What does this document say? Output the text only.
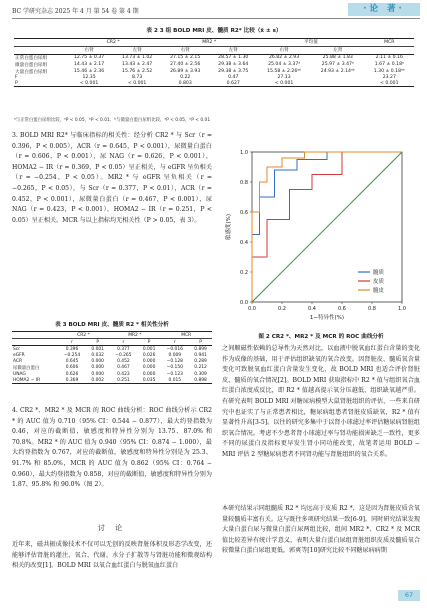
BC 学研究杂志 2025 年 4 月 第 54 卷 第 4 期	·论 著·
表 2 3 组 BOLD MRI 皮、髓质 R2* 比较（x̄ ± s）
	CR2 *		MR2 *		平均值		MCR
	右肾	左肾	右肾	左肾	右肾	左肾	
正常白蛋白尿组	12.75 ± 0.37	13.73 ± 1.02	27.15 ± 2.15	28.57 ± 1.30	26.82 ± 2.93	25.88 ± 1.83	2.11 ± 0.16
微量白蛋白尿组	14.43 ± 2.17	13.43 ± 2.47	27.40 ± 2.56	29.38 ± 3.64	25.04 ± 3.37ᵃ	25.97 ± 3.47ᵃ	1.67 ± 0.18ᵃ
大量白蛋白尿组	15.46 ± 2.36	15.76 ± 2.52	26.89 ± 3.93	29.38 ± 3.75	15.58 ± 2.26ᵃᵇ	24.93 ± 2.14ᵃᵇ	1.30 ± 0.18ᵃᵇ
F	12.35	8.73	0.22	0.47	27.13		23.27
P	< 0.001	< 0.001	0.803	0.627	< 0.001		< 0.001
ᵃ与正常白蛋白尿组比较，ᵃP < 0.05，ᵇP < 0.01；ᵇ与微量白蛋白尿组比较，ᵃP < 0.05，ᵇP < 0.01
3. BOLD MRI R2* 与临床指标的相关性：经分析 CR2 * 与 Scr（r = 0.396，P < 0.005），ACR（r = 0.645，P < 0.001），尿微量白蛋白（r = 0.606，P < 0.001），尿 NAG（r = 0.626，P < 0.001），HOMA2 − IR（r = 0.369，P < 0.05）呈正相关，与 eGFR 呈负相关（r = −0.254，P < 0.05）。MR2 * 与 eGFR 呈负相关（r = −0.265，P < 0.05），与 Scr（r = 0.377，P < 0.01），ACR（r = 0.452，P < 0.001），尿微量白蛋白（r = 0.467，P < 0.001），尿 NAG（r = 0.423，P < 0.001），HOMA2 − IR（r = 0.251，P < 0.05）呈正相关。MCR 与以上指标均无相关性（P > 0.05，表 3）。
表 3 BOLD MRI 皮、髓质 R2 * 相关性分析
	CR2 *		MR2 *		MCR	
	r	P	r	P	r	P
Scr	0.396	0.001	0.377	0.001	−0.016	0.899
eGFR	−0.254	0.032	−0.265	0.026	0.009	0.941
ACR	0.645	0.000	0.452	0.000	−0.128	0.289
尿微量白蛋白	0.606	0.000	0.467	0.000	−0.150	0.212
UNAG	0.626	0.000	0.423	0.000	−0.123	0.309
HOMA2 − IR	0.369	0.002	0.251	0.035	0.015	0.898
4. CR2 *、MR2 * 及 MCR 的 ROC 曲线分析：ROC 曲线分析示 CR2 * 的 AUC 值为 0.710（95% CI：0.544 − 0.877），最大约登指数为 0.46，对应的截断值，敏感度和特异性分别为 13.75、87.0% 和 70.8%。MR2 * 的 AUC 值为 0.940（95% CI：0.874 − 1.000），最大约登指数为 0.767，对应的截断值，敏感度和特异性分别是为 25.3、91.7% 和 85.0%，MCR 的 AUC 值为 0.862（95% CI：0.764 − 0.960），最大约登指数为 0.858，对应的截断值，敏感度和特异性分别为 1.87、95.8% 和 90.0%（图 2）。
讨 论
近年来，磁共振成像技术不仅可以无创的反映肾脏体积及形态学改变，还能够评估肾脏的灌注、氧合、代谢、水分子扩散等与肾脏功能和微观结构相关的改变[1]。BOLD MRI 以氧合血红蛋白与脱氧血红蛋白
0.0	0.2	0.4	0.6	0.8	1.0
0.0
0.2
0.4
0.6
0.8
1.0
髓质
皮质
髓皮
1−特异性(%)
敏感度(%)
图 2 CR2 *、MR2 * 及 MCR 的 ROC 曲线分析
之间顺磁性依赖的总导性为天然对比，以血液中脱氧血红蛋白含量的变化作为成像的基础，用于评估组织缺氧的氧合改变。因肾脏皮、髓质氧含量变化可致脱氧血红蛋白含量发生变化，故 BOLD MRI 也适合评价肾脏皮、髓质的氧合情况[2]。BOLD MRI 获取指标中 R2 * 值与组织氧合血红蛋白浓度成反比，即 R2 * 值越高提示氧分压越低，组织缺氧越严重。有研究表明 BOLD MRI 对糖尿病模型大鼠肾脏组织的评估，一些来自研究中也证实了与正常患者相比，糖尿病组患者肾脏皮质缺氧，R2 * 值有显著性升高[3-5]。以往的研究多集中于以肾小球滤过率评估糖尿病肾脏组织氧合情况。考虑不少患者肾小球滤过率与肾功能损害缺乏一致性，更多不同的尿蛋白及指标更早发生肾小同功能改变，故笔者运用 BOLD − MRI 评估 2 型糖尿病患者不同肾功能与肾脏组织的氧合关系。
本研究结果示同组髓质 R2 * 均远高于皮质 R2 *，这是因为肾脏皮质含氧量较髓质丰富有关。这与既往多项研究结果一致[6-9]。同时研究结果发现大量白蛋白尿与微量白蛋白尿两组比较，组间 MR2 *、CR2 * 及 MCR 值比较差异有统计学意义，表明大量白蛋白尿组肾脏组织皮质及髓质氧合较微量白蛋白尿组更低。郭爽等[10]研究比较不同糖尿病病期
67
